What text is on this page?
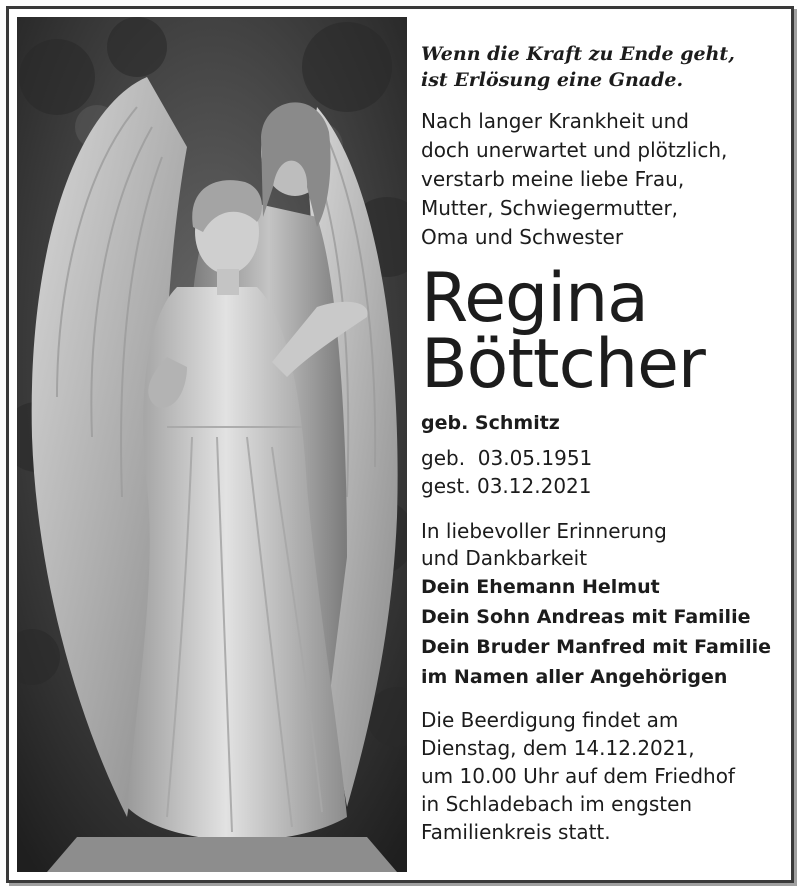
Wenn die Kraft zu Ende geht,
ist Erlösung eine Gnade.
Nach langer Krankheit und
doch unerwartet und plötzlich,
verstarb meine liebe Frau,
Mutter, Schwiegermutter,
Oma und Schwester
Regina
Böttcher
geb. Schmitz
geb.  03.05.1951
gest. 03.12.2021
In liebevoller Erinnerung
und Dankbarkeit
Dein Ehemann Helmut
Dein Sohn Andreas mit Familie
Dein Bruder Manfred mit Familie
im Namen aller Angehörigen
Die Beerdigung findet am
Dienstag, dem 14.12.2021,
um 10.00 Uhr auf dem Friedhof
in Schladebach im engsten
Familienkreis statt.
